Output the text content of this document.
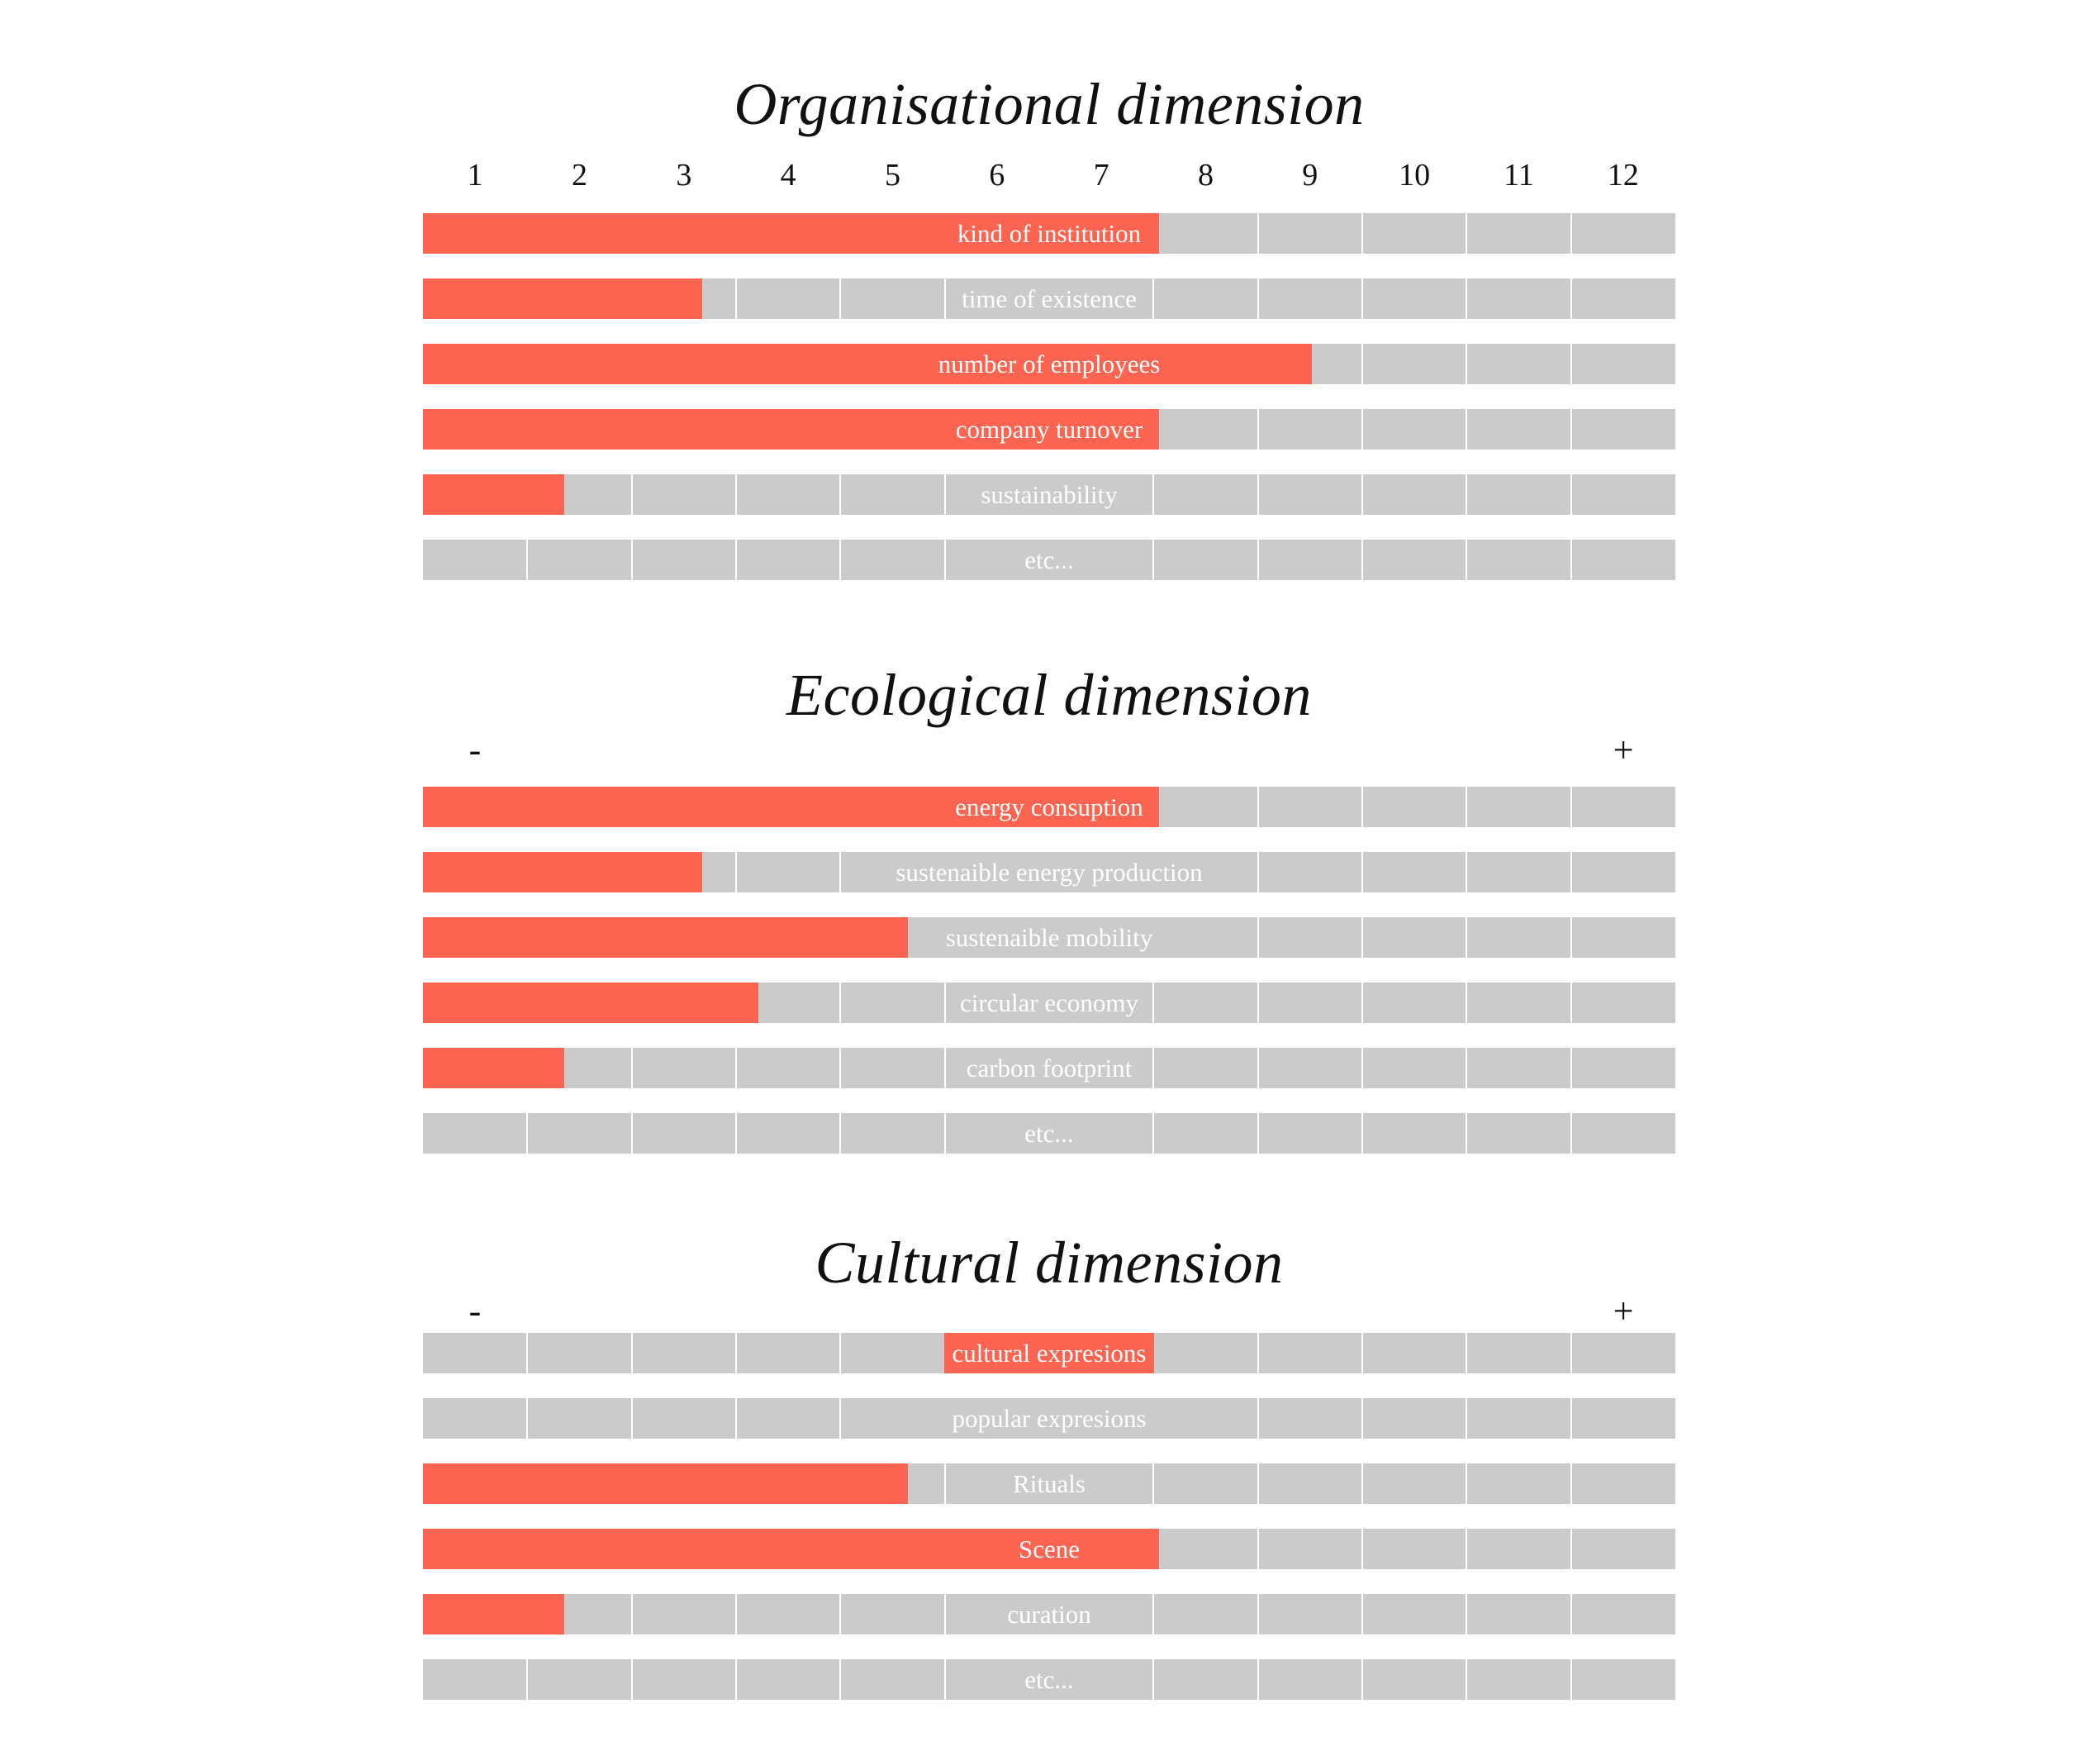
Organisational dimension
1	2	3	4	5	6	7	8	9	10	11	12
kind of institution
time of existence
number of employees
company turnover
sustainability
etc...
Ecological dimension
-	+
energy consuption
sustenaible energy production
sustenaible mobility
circular economy
carbon footprint
etc...
Cultural dimension
-	+
cultural expresions
popular expresions
Rituals
Scene
curation
etc...
